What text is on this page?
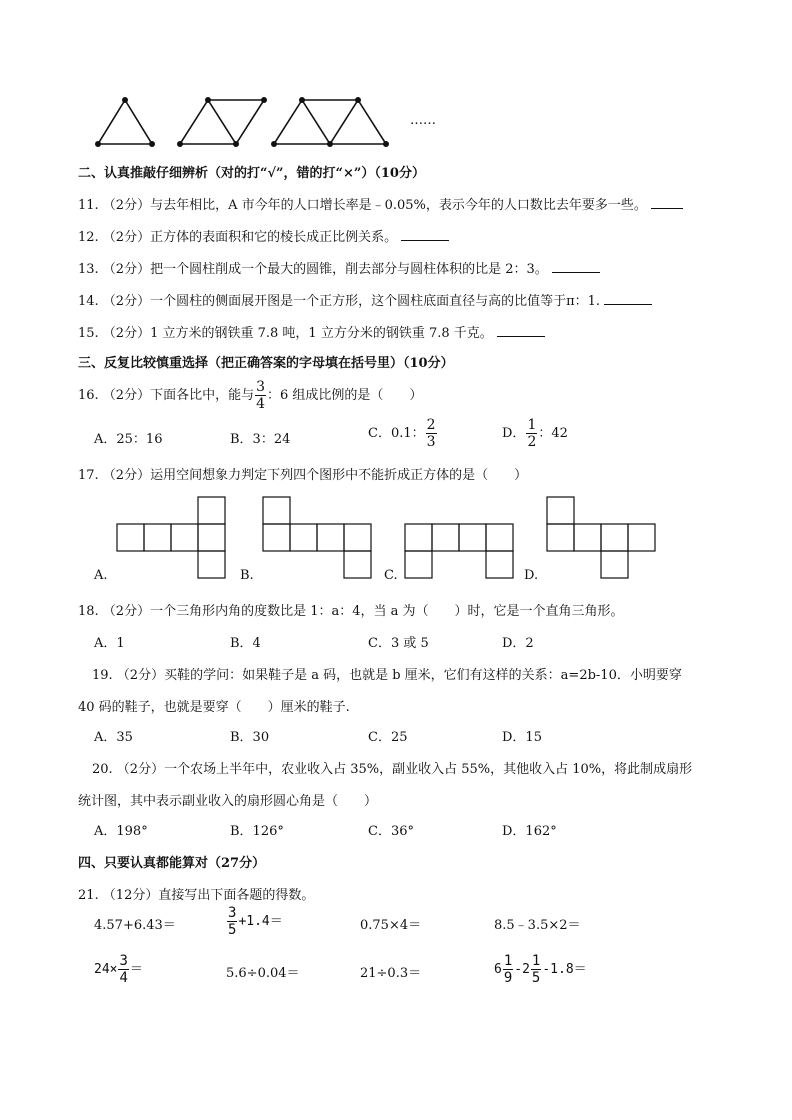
……
二、认真推敲仔细辨析（对的打“√”，错的打“×”）（10分）
11. （2分）与去年相比，A 市今年的人口增长率是﹣0.05%，表示今年的人口数比去年要多一些。
12. （2分）正方体的表面积和它的棱长成正比例关系。
13. （2分）把一个圆柱削成一个最大的圆锥，削去部分与圆柱体积的比是 2：3。
14. （2分）一个圆柱的侧面展开图是一个正方形，这个圆柱底面直径与高的比值等于π：1.
15. （2分）1 立方米的钢铁重 7.8 吨，1 立方分米的钢铁重 7.8 千克。
三、反复比较慎重选择（把正确答案的字母填在括号里）（10分）
16. （2分）下面各比中，能与 $\frac{3}{4}$ ：6 组成比例的是（　　）
A．25：16	B．3：24	C．0.1： $\frac{2}{3}$	D． $\frac{1}{2}$ ：42
17. （2分）运用空间想象力判定下列四个图形中不能折成正方体的是（　　）
A.	B.	C.	D.
18. （2分）一个三角形内角的度数比是 1：a：4，当 a 为（　　）时，它是一个直角三角形。
A．1	B．4	C．3 或 5	D．2
19. （2分）买鞋的学问：如果鞋子是 a 码，也就是 b 厘米，它们有这样的关系：a=2b-10．小明要穿
40 码的鞋子，也就是要穿（　　）厘米的鞋子.
A．35	B．30	C．25	D．15
20. （2分）一个农场上半年中，农业收入占 35%，副业收入占 55%，其他收入占 10%，将此制成扇形
统计图，其中表示副业收入的扇形圆心角是（　　）
A．198°	B．126°	C．36°	D．162°
四、只要认真都能算对（27分）
21. （12分）直接写出下面各题的得数。
4.57+6.43＝	$\frac{3}{5} +1.4=$	0.75×4＝	8.5﹣3.5×2＝
$24\times \frac{3}{4}$ ＝	5.6÷0.04＝	21÷0.3＝	$6 \frac{1}{9} -2 \frac{1}{5} -1.8=$
